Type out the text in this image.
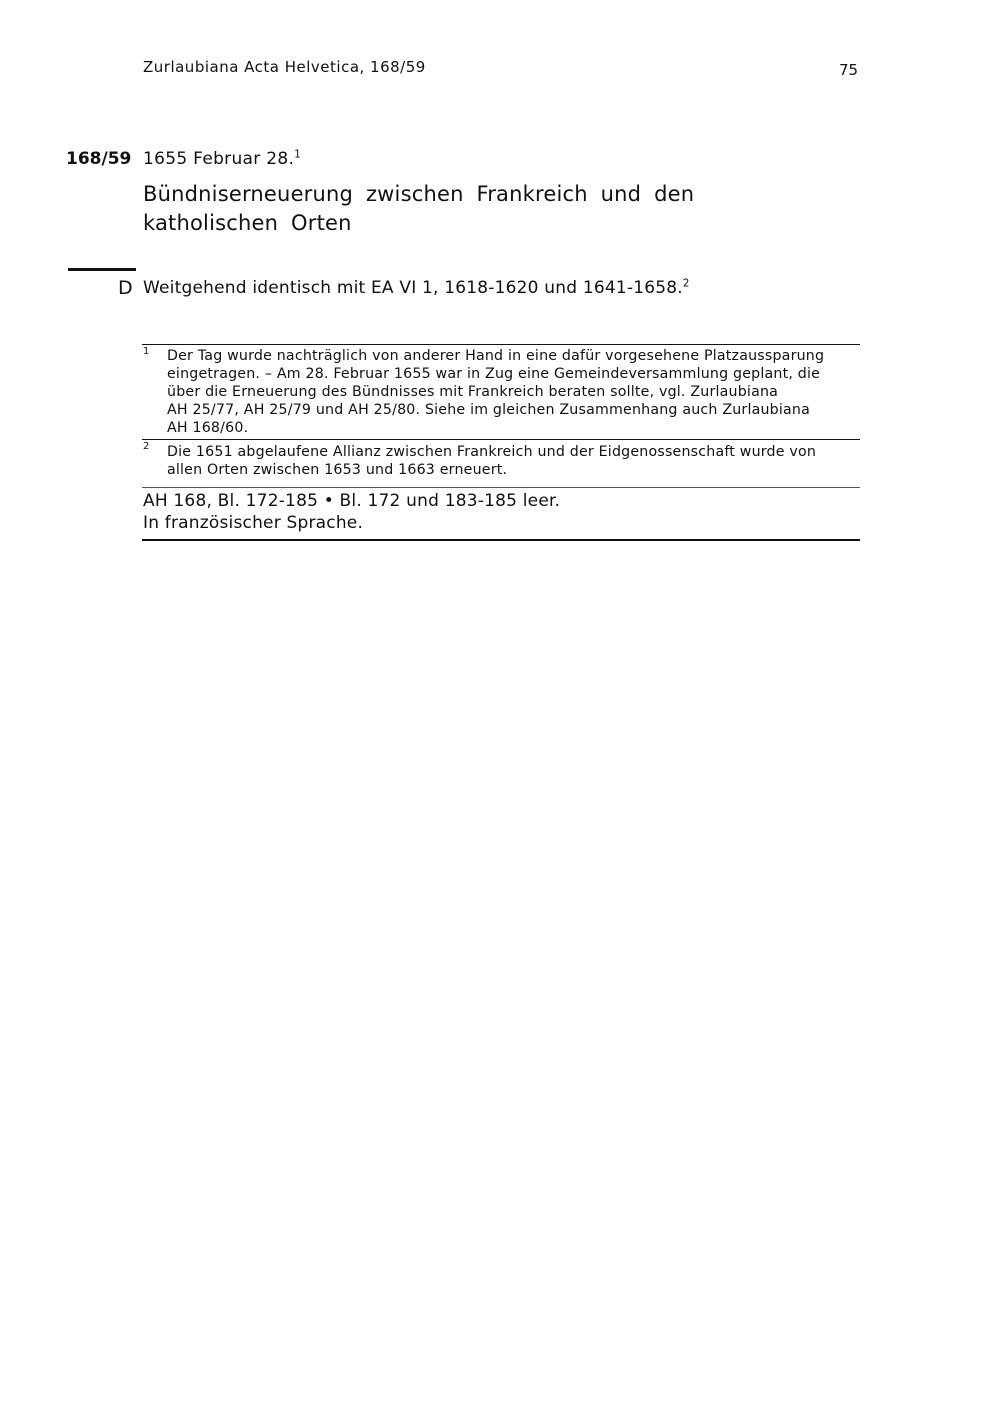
Zurlaubiana Acta Helvetica, 168/59	75
168/59 1655 Februar 28.$^1$
Bündniserneuerung zwischen Frankreich und den katholischen Orten
D Weitgehend identisch mit EA VI 1, 1618-1620 und 1641-1658.$^2$
1 Der Tag wurde nachträglich von anderer Hand in eine dafür vorgesehene Platzaussparung
eingetragen. – Am 28. Februar 1655 war in Zug eine Gemeindeversammlung geplant, die
über die Erneuerung des Bündnisses mit Frankreich beraten sollte, vgl. Zurlaubiana
AH 25/77, AH 25/79 und AH 25/80. Siehe im gleichen Zusammenhang auch Zurlaubiana
AH 168/60.
2 Die 1651 abgelaufene Allianz zwischen Frankreich und der Eidgenossenschaft wurde von
allen Orten zwischen 1653 und 1663 erneuert.
AH 168, Bl. 172-185 • Bl. 172 und 183-185 leer.
In französischer Sprache.
